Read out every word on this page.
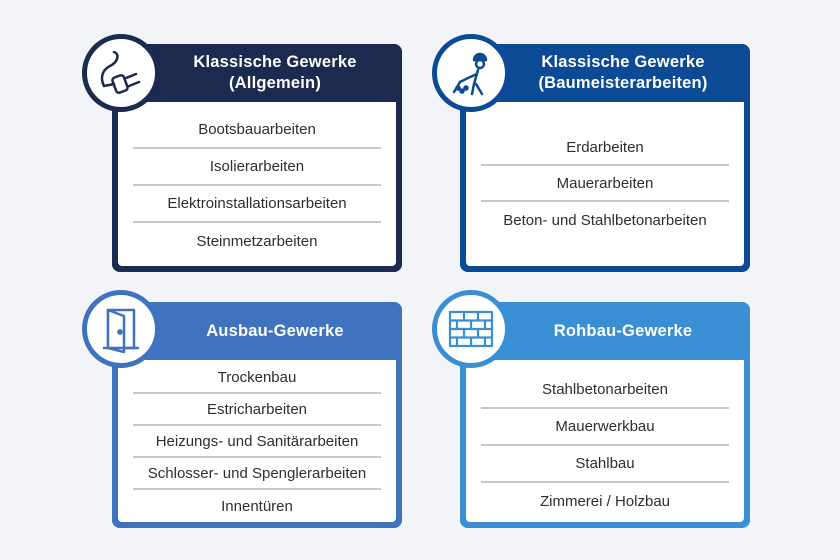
Klassische Gewerke
(Allgemein)
Bootsbauarbeiten
Isolierarbeiten
Elektroinstallationsarbeiten
Steinmetzarbeiten
Klassische Gewerke
(Baumeisterarbeiten)
Erdarbeiten
Mauerarbeiten
Beton- und Stahlbetonarbeiten
Ausbau-Gewerke
Trockenbau
Estricharbeiten
Heizungs- und Sanitärarbeiten
Schlosser- und Spenglerarbeiten
Innentüren
Rohbau-Gewerke
Stahlbetonarbeiten
Mauerwerkbau
Stahlbau
Zimmerei / Holzbau
